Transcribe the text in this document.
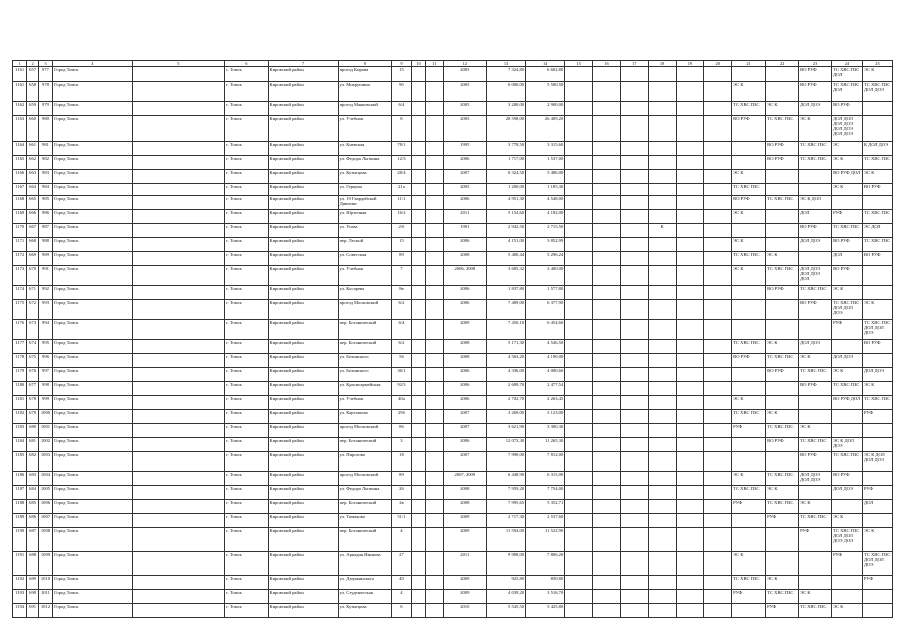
1	2	3	4	5	6	7	8	9	10	11	12	13	14	15	16	17	18	19	20	21	22	23	24	25
1161	657	977	Город Томск		г. Томск	Кировский район	проезд Кирова	15			2005	7 324,80	6 602,80									ВО РУФ	ТС ХВС ПЗС ДОЛ	ЭС К
1161	658	978	Город Томск		г. Томск	Кировский район	ул. Мокрушина	9б			2005	6 000,00	5 500,50							ЭС К		ВО РУФ	ТС ХВС ПЗС ДОЛ	ТС ХВС ПЗС ДОЛ ДОЭ
1162	659	979	Город Томск		г. Томск	Кировский район	проезд Маяковский	6/4			2005	3 200,00	2 900,00							ТС ХВС ПЗС	ЭС К	ДОЛ ДОЭ	ВО РУФ	
1163	660	980	Город Томск		г. Томск	Кировский район	ул. Учебная	8			2005	28 598,00	26 409,20							ВО РУФ	ТС ХВС ПЗС	ЭС К	ДОЛ ДОЛ ДОЛ ДОЭ ДОЛ ДОЭ ДОЛ ДОЭ	
1164	661	981	Город Томск		г. Томск	Кировский район	ул. Киевская	78/1			1995	3 778,50	3 315,60								ВО РУФ	ТС ХВС ПЗС	ЭС	К ДОЛ ДОЭ
1165	662	982	Город Томск		г. Томск	Кировский район	ул. Федора Лыткина	12/3			2006	1 717,00	1 537,00								ВО РУФ	ТС ХВС ПЗС	ЭС К	ТС ХВС ПЗС
1166	663	983	Город Томск		г. Томск	Кировский район	ул. Кузнецова	28/4			2007	6 324,50	5 486,00							ЭС К			ВО РУФ ДОЛ	ЭС К
1167	664	984	Город Томск		г. Томск	Кировский район	ул. Герцена	21а			2005	1 200,00	1 185,30							ТС ХВС ПЗС			ЭС К	ВО РУФ
1168	665	985	Город Томск		г. Томск	Кировский район	ул. 19 Гвардейской Дивизии	11/1			2006	4 951,30	4 548,00							ВО РУФ	ТС ХВС ПЗС	ЭС К ДОЛ		
1169	666	986	Город Томск		г. Томск	Кировский район	ул. Юрточная	16/2			2011	5 154,60	4 182,00							ЭС К		ДОЛ	РУФ	ТС ХВС ПЗС
1170	667	987	Город Томск		г. Томск	Кировский район	ул. Усова	2/б			1991	2 942,50	2 715,50				К					ВО РУФ	ТС ХВС ПЗС	ЭС ДОЛ
1171	668	988	Город Томск		г. Томск	Кировский район	пер. Лесной	15			2006	4 151,00	3 852,99							ЭС К		ДОЛ ДОЭ	ВО РУФ	ТС ХВС ПЗС
1172	669	989	Город Томск		г. Томск	Кировский район	ул. Советская	89			2008	5 480,44	5 296,24							ТС ХВС ПЗС	ЭС К		ДОЛ	ВО РУФ
1173	670	991	Город Томск		г. Томск	Кировский район	ул. Учебная	7			2006, 2008	3 685,32	3 400,00							ЭС К	ТС ХВС ПЗС	ДОЛ ДОЭ ДОЛ ДОЭ ДОЛ	ВО РУФ	
1174	671	992	Город Томск		г. Томск	Кировский район	ул. Косарева	8в			2006	1 837,80	1 577,80								ВО РУФ	ТС ХВС ПЗС	ЭС К	
1175	672	993	Город Томск		г. Томск	Кировский район	проезд Московский	6/2			2006	7 489,00	6 377,90									ВО РУФ	ТС ХВС ПЗС ДОЛ ДОЛ ДОЭ	ЭС К
1176	673	994	Город Томск		г. Томск	Кировский район	пер. Ботанический	6/4			2009	7 450,10	6 454,60										РУФ	ТС ХВС ПЗС ДОЛ ДОЛ ДОЭ
1177	674	995	Город Томск		г. Томск	Кировский район	пер. Ботанический	6/2			2008	5 171,30	4 546,50							ТС ХВС ПЗС	ЭС К	ДОЛ ДОЭ		ВО РУФ
1178	675	996	Город Томск		г. Томск	Кировский район	ул. Белинского	56			2008	4 563,20	4 190,00							ВО РУФ	ТС ХВС ПЗС	ЭС К	ДОЛ ДОЭ	
1179	676	997	Город Томск		г. Томск	Кировский район	ул. Белинского	36/1			2006	4 336,00	4 000,60								ВО РУФ	ТС ХВС ПЗС	ЭС К	ДОЛ ДОЭ
1180	677	998	Город Томск		г. Томск	Кировский район	ул. Красноармейская	92/3			2006	2 689,70	2 477,54									ВО РУФ	ТС ХВС ПЗС	ЭС К
1181	678	999	Город Томск		г. Томск	Кировский район	ул. Учебная	40а			2006	2 702,70	2 263,45							ЭС К			ВО РУФ ДОЛ	ТС ХВС ПЗС
1182	679	1000	Город Томск		г. Томск	Кировский район	ул. Карташова	29б			2007	3 269,00	3 123,00							ТС ХВС ПЗС	ЭС К			РУФ
1183	680	1001	Город Томск		г. Томск	Кировский район	проезд Московский	86			2007	3 621,90	3 300,30							РУФ	ТС ХВС ПЗС	ЭС К		
1184	681	1002	Город Томск		г. Томск	Кировский район	пер. Ботанический	3			2006	12 073,30	11 265,30								ВО РУФ	ТС ХВС ПЗС	ЭС К ДОЛ ДОЭ	
1185	682	1003	Город Томск		г. Томск	Кировский район	ул. Пирогова	18			2007	7 990,00	7 812,00									ВО РУФ	ТС ХВС ПЗС	ЭС К ДОЛ ДОЛ ДОЭ
1186	683	1004	Город Томск		г. Томск	Кировский район	проезд Московский	89			2007, 2009	6 448,90	6 315,00							ЭС К	ТС ХВС ПЗС	ДОЛ ДОЭ ДОЛ ДОЭ	ВО РУФ	
1187	684	1005	Город Томск		г. Томск	Кировский район	ул. Федора Лыткина	26			2008	7 959,20	7 754,00							ТС ХВС ПЗС	ЭС К		ДОЛ ДОЭ	РУФ
1188	685	1006	Город Томск		г. Томск	Кировский район	пер. Ботанический	2в			2008	7 995,65	5 352,71							РУФ	ТС ХВС ПЗС	ЭС К		ДОЛ
1189	686	1007	Город Томск		г. Томск	Кировский район	ул. Тимакова	51/1			2009	2 717,30	2 537,60								РУФ	ТС ХВС ПЗС	ЭС К	
1190	687	1008	Город Томск		г. Томск	Кировский район	пер. Ботанический	4			2009	11 594,00	11 522,90									РУФ	ТС ХВС ПЗС ДОЛ ДОЛ ДОЭ ДОЛ	ЭС К
1191	688	1009	Город Томск		г. Томск	Кировский район	ул. Аркадия Иванова	27			2011	9 908,00	7 806,20							ЭС К			РУФ	ТС ХВС ПЗС ДОЛ ДОЛ ДОЭ
1192	689	1010	Город Томск		г. Томск	Кировский район	ул. Дзержинского	40			2009	925,80	850,80							ТС ХВС ПЗС	ЭС К			РУФ
1193	690	1011	Город Томск		г. Томск	Кировский район	ул. Студенческая	4			2009	4 039,20	3 516,70							РУФ	ТС ХВС ПЗС	ЭС К		
1194	691	1012	Город Томск		г. Томск	Кировский район	ул. Кузнецова	6			2010	5 545,50	5 425,80								РУФ	ТС ХВС ПЗС	ЭС К	
